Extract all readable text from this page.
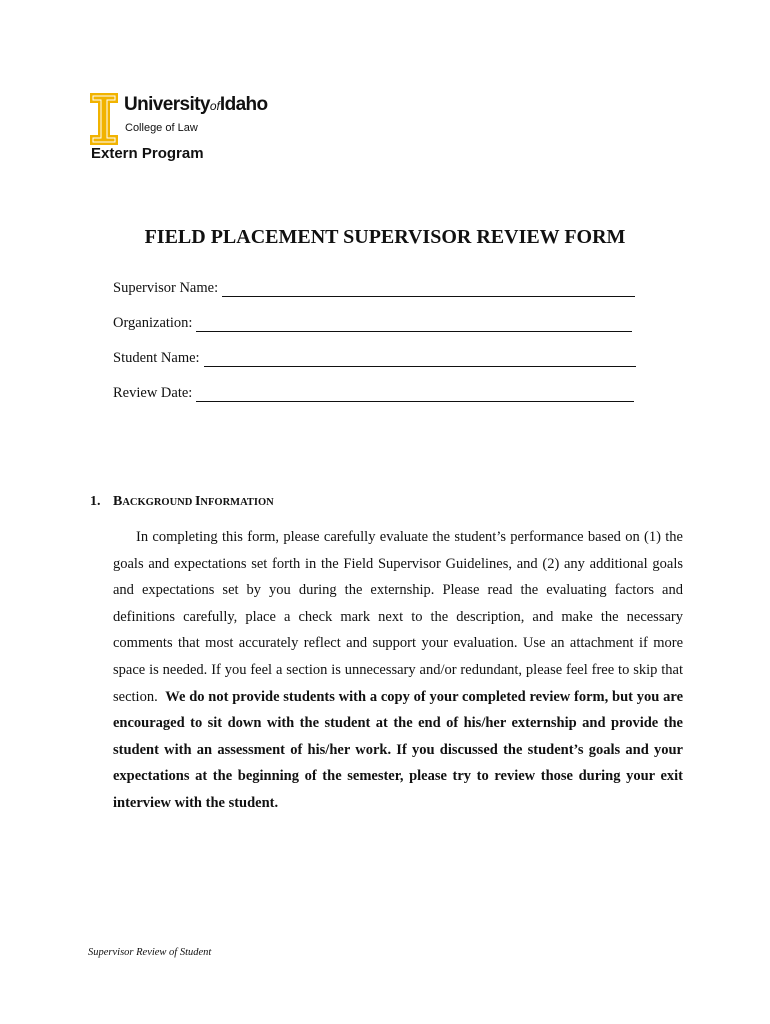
UniversityofIdaho
College of Law
Extern Program
FIELD PLACEMENT SUPERVISOR REVIEW FORM
Supervisor Name:
Organization:
Student Name:
Review Date:
1. BACKGROUND INFORMATION
In completing this form, please carefully evaluate the student’s performance based on (1) the goals and expectations set forth in the Field Supervisor Guidelines, and (2) any additional goals and expectations set by you during the externship. Please read the evaluating factors and definitions carefully, place a check mark next to the description, and make the necessary comments that most accurately reflect and support your evaluation. Use an attachment if more space is needed. If you feel a section is unnecessary and/or redundant, please feel free to skip that section. We do not provide students with a copy of your completed review form, but you are encouraged to sit down with the student at the end of his/her externship and provide the student with an assessment of his/her work. If you discussed the student’s goals and your expectations at the beginning of the semester, please try to review those during your exit interview with the student.
Supervisor Review of Student
